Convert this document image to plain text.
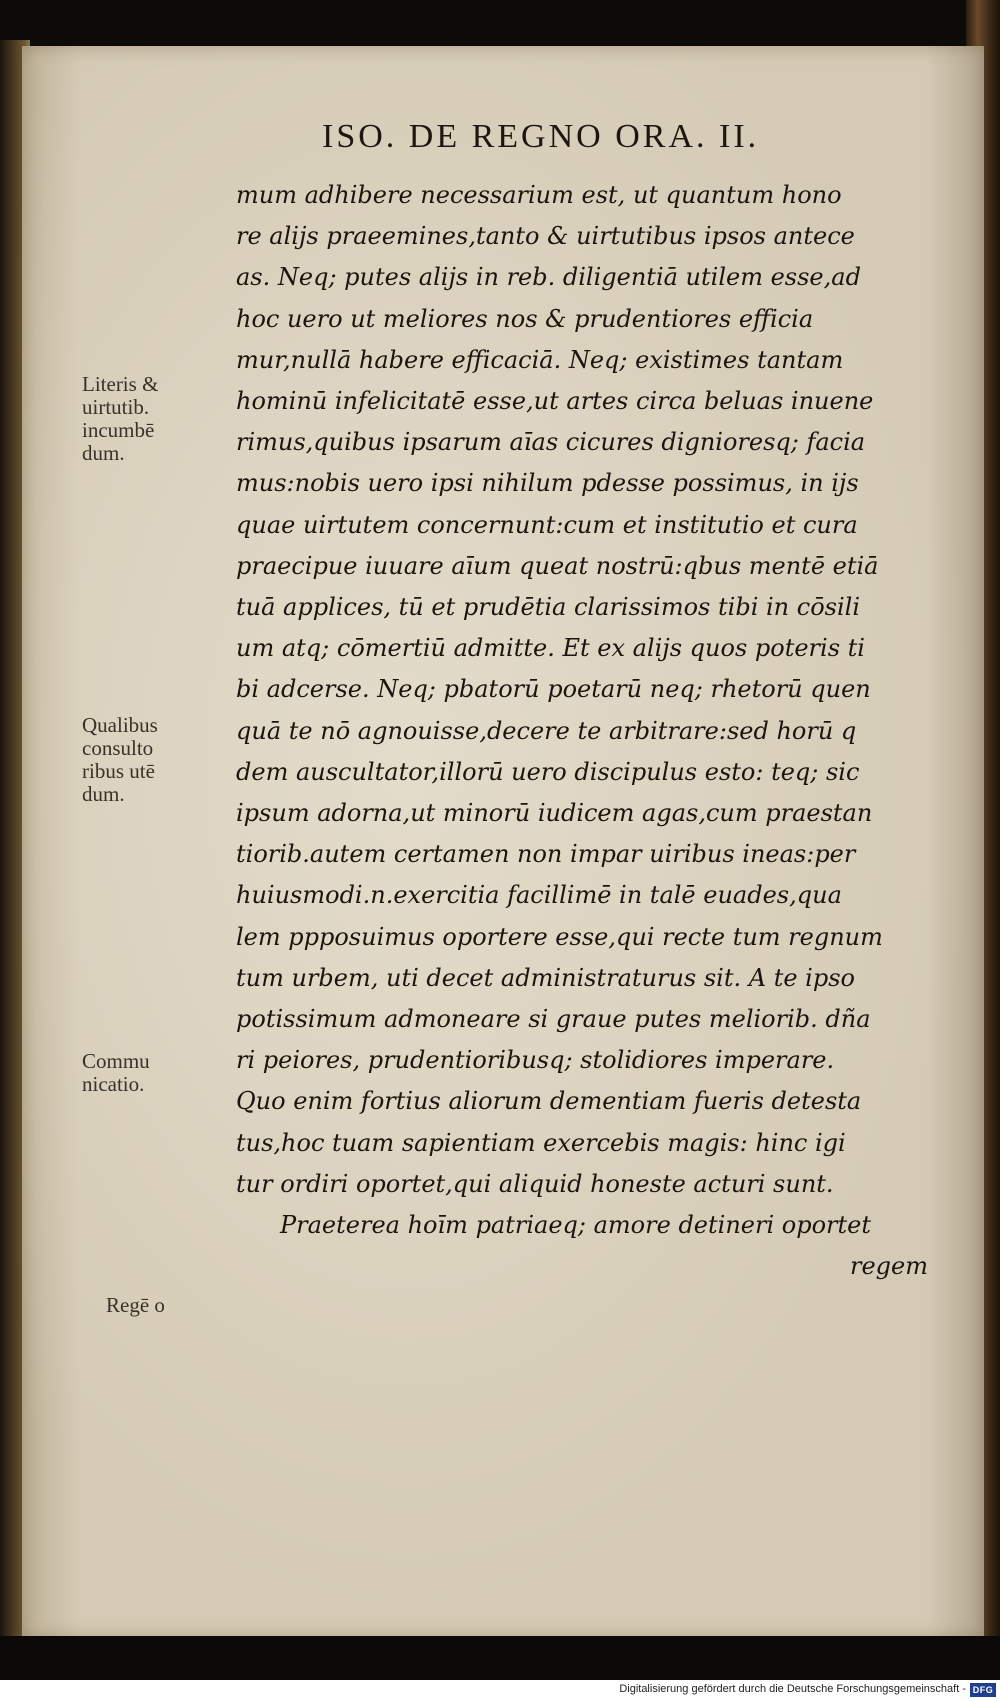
ISO. DE REGNO ORA. II.
mum adhibere necessarium est, ut quantum hono
re alijs praeemines,tanto & uirtutibus ipsos antece
as. Neq; putes alijs in reb. diligentiā utilem esse,ad
hoc uero ut meliores nos & prudentiores efficia
mur,nullā habere efficaciā. Neq; existimes tantam
hominū infelicitatē esse,ut artes circa beluas inuene
rimus,quibus ipsarum aīas cicures dignioresq; facia
mus:nobis uero ipsi nihilum pdesse possimus, in ijs
quae uirtutem concernunt:cum et institutio et cura
praecipue iuuare aīum queat nostrū:qbus mentē etiā
tuā applices, tū et prudētia clarissimos tibi in cōsili
um atq; cōmertiū admitte. Et ex alijs quos poteris ti
bi adcerse. Neq; pbatorū poetarū neq; rhetorū quen
quā te nō agnouisse,decere te arbitrare:sed horū q
dem auscultator,illorū uero discipulus esto: teq; sic
ipsum adorna,ut minorū iudicem agas,cum praestan
tiorib.autem certamen non impar uiribus ineas:per
huiusmodi.n.exercitia facillimē in talē euades,qua
lem ppposuimus oportere esse,qui recte tum regnum
tum urbem, uti decet administraturus sit. A te ipso
potissimum admoneare si graue putes meliorib. dña
ri peiores, prudentioribusq; stolidiores imperare.
Quo enim fortius aliorum dementiam fueris detesta
tus,hoc tuam sapientiam exercebis magis: hinc igi
tur ordiri oportet,qui aliquid honeste acturi sunt.
Praeterea hoīm patriaeq; amore detineri oportet
regem
Literis &
uirtutib.
incumbē
dum.
Qualibus
consulto
ribus utē
dum.
Commu
nicatio.
Regē o
Digitalisierung gefördert durch die Deutsche Forschungsgemeinschaft - DFG
